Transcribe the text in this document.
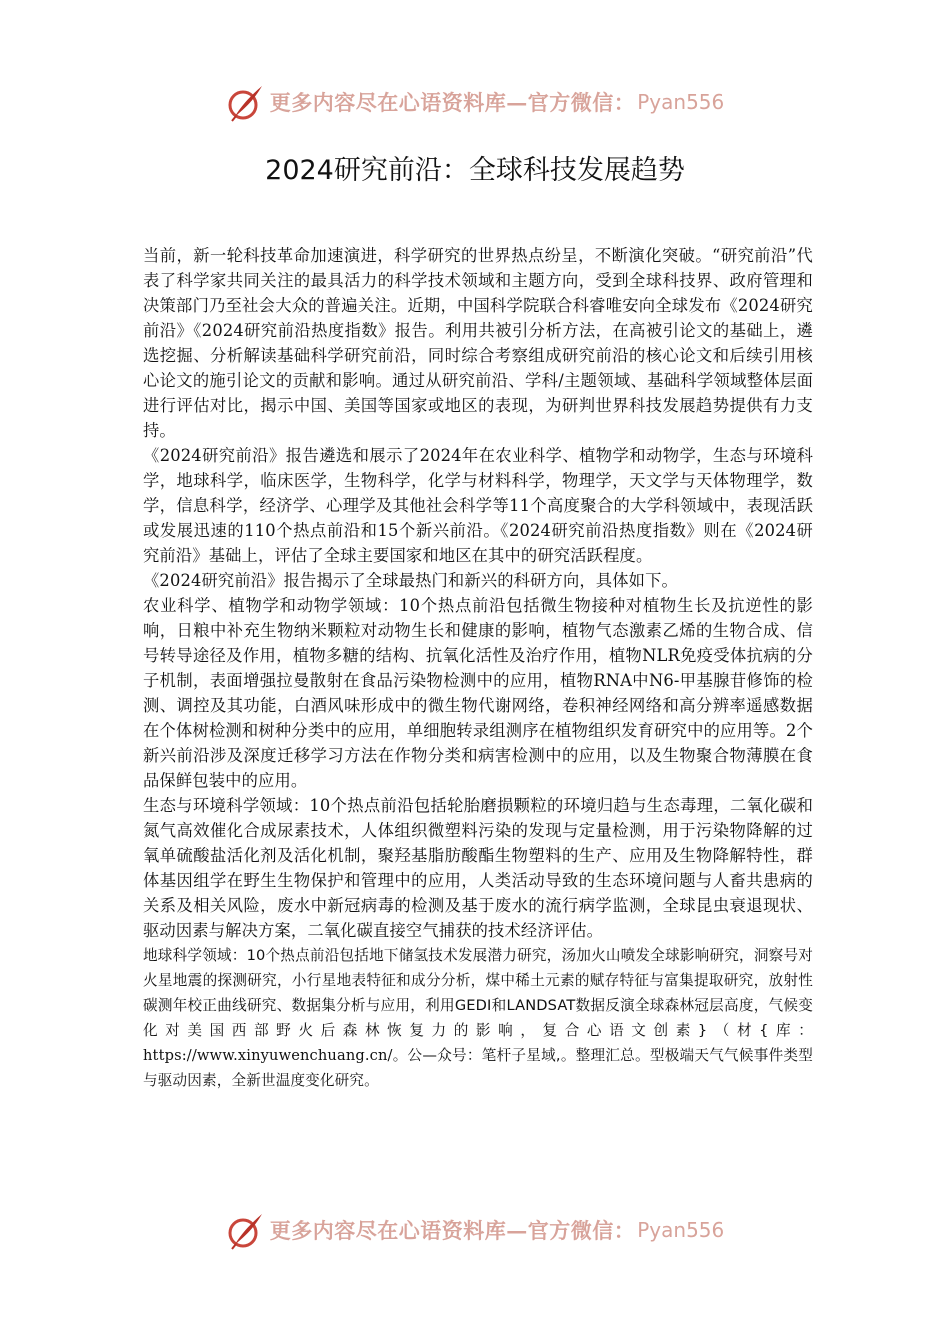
更多内容尽在心语资料库—官方微信： Pyan556
2024研究前沿：全球科技发展趋势

当前，新一轮科技革命加速演进，科学研究的世界热点纷呈，不断演化突破。“研究前沿”代表了科学家共同关注的最具活力的科学技术领域和主题方向，受到全球科技界、政府管理和决策部门乃至社会大众的普遍关注。近期，中国科学院联合科睿唯安向全球发布《2024研究前沿》《2024研究前沿热度指数》报告。利用共被引分析方法，在高被引论文的基础上，遴选挖掘、分析解读基础科学研究前沿，同时综合考察组成研究前沿的核心论文和后续引用核心论文的施引论文的贡献和影响。通过从研究前沿、学科/主题领域、基础科学领域整体层面进行评估对比，揭示中国、美国等国家或地区的表现，为研判世界科技发展趋势提供有力支持。

《2024研究前沿》报告遴选和展示了2024年在农业科学、植物学和动物学，生态与环境科学，地球科学，临床医学，生物科学，化学与材料科学，物理学，天文学与天体物理学，数学，信息科学，经济学、心理学及其他社会科学等11个高度聚合的大学科领域中，表现活跃或发展迅速的110个热点前沿和15个新兴前沿。《2024研究前沿热度指数》则在《2024研究前沿》基础上，评估了全球主要国家和地区在其中的研究活跃程度。

《2024研究前沿》报告揭示了全球最热门和新兴的科研方向，具体如下。

农业科学、植物学和动物学领域：10个热点前沿包括微生物接种对植物生长及抗逆性的影响，日粮中补充生物纳米颗粒对动物生长和健康的影响，植物气态激素乙烯的生物合成、信号转导途径及作用，植物多糖的结构、抗氧化活性及治疗作用，植物NLR免疫受体抗病的分子机制，表面增强拉曼散射在食品污染物检测中的应用，植物RNA中N6-甲基腺苷修饰的检测、调控及其功能，白酒风味形成中的微生物代谢网络，卷积神经网络和高分辨率遥感数据在个体树检测和树种分类中的应用，单细胞转录组测序在植物组织发育研究中的应用等。2个新兴前沿涉及深度迁移学习方法在作物分类和病害检测中的应用，以及生物聚合物薄膜在食品保鲜包装中的应用。

生态与环境科学领域：10个热点前沿包括轮胎磨损颗粒的环境归趋与生态毒理，二氧化碳和氮气高效催化合成尿素技术，人体组织微塑料污染的发现与定量检测，用于污染物降解的过氧单硫酸盐活化剂及活化机制，聚羟基脂肪酸酯生物塑料的生产、应用及生物降解特性，群体基因组学在野生生物保护和管理中的应用，人类活动导致的生态环境问题与人畜共患病的关系及相关风险，废水中新冠病毒的检测及基于废水的流行病学监测，全球昆虫衰退现状、驱动因素与解决方案，二氧化碳直接空气捕获的技术经济评估。

地球科学领域：10个热点前沿包括地下储氢技术发展潜力研究，汤加火山喷发全球影响研究，洞察号对火星地震的探测研究，小行星地表特征和成分分析，煤中稀土元素的赋存特征与富集提取研究，放射性碳测年校正曲线研究、数据集分析与应用，利用GEDI和LANDSAT数据反演全球森林冠层高度，气候变化对美国西部野火后森林恢复力的影响，复合心语文创素}（材{库：https://www.xinyuwenchuang.cn/。公—众号：笔杆子星域,。整理汇总。型极端天气气候事件类型与驱动因素，全新世温度变化研究。

更多内容尽在心语资料库—官方微信： Pyan556
